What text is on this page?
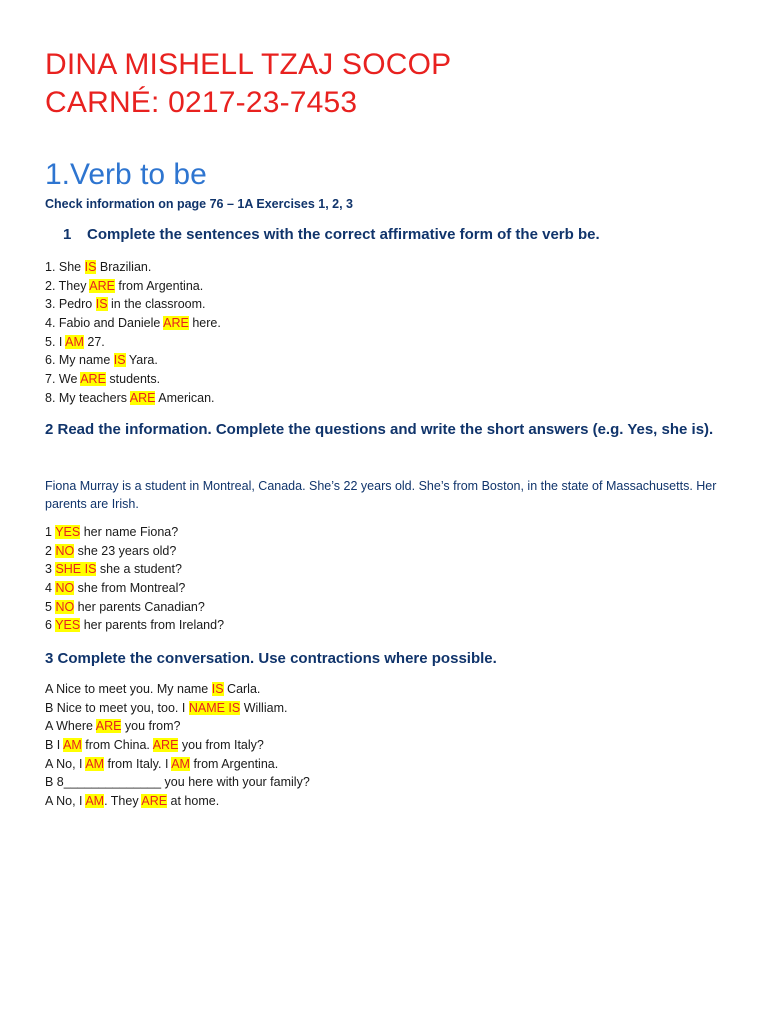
DINA MISHELL TZAJ SOCOP
CARNÉ: 0217-23-7453
1.Verb to be
Check information on page 76 – 1A Exercises 1, 2, 3
1 Complete the sentences with the correct affirmative form of the verb be.
1. She IS Brazilian.
2. They ARE from Argentina.
3. Pedro IS in the classroom.
4. Fabio and Daniele ARE here.
5. I AM 27.
6. My name IS Yara.
7. We ARE students.
8. My teachers ARE American.
2 Read the information. Complete the questions and write the short answers (e.g. Yes, she is).
Fiona Murray is a student in Montreal, Canada. She’s 22 years old. She’s from Boston, in the state of Massachusetts. Her parents are Irish.
1 YES her name Fiona?
2 NO she 23 years old?
3 SHE IS she a student?
4 NO she from Montreal?
5 NO her parents Canadian?
6 YES her parents from Ireland?
3 Complete the conversation. Use contractions where possible.
A Nice to meet you. My name IS Carla.
B Nice to meet you, too. I NAME IS William.
A Where ARE you from?
B I AM from China. ARE you from Italy?
A No, I AM from Italy. I AM from Argentina.
B 8______________ you here with your family?
A No, I AM. They ARE at home.
